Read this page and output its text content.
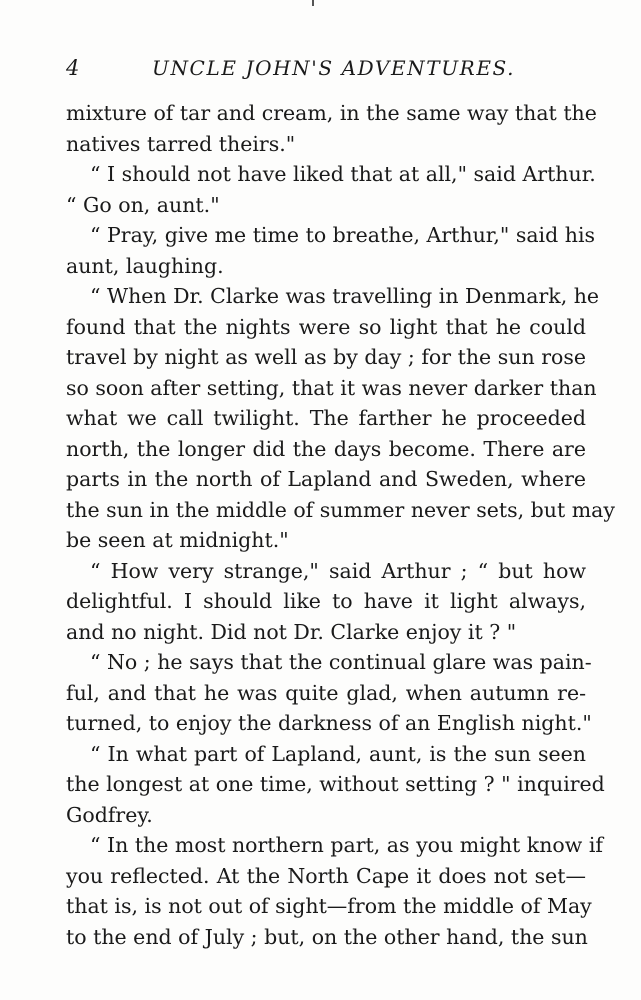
4	UNCLE JOHN'S ADVENTURES.
mixture of tar and cream, in the same way that the
natives tarred theirs."
“ I should not have liked that at all," said Arthur.
“ Go on, aunt."
“ Pray, give me time to breathe, Arthur," said his
aunt, laughing.
“ When Dr. Clarke was travelling in Denmark, he
found that the nights were so light that he could
travel by night as well as by day ; for the sun rose
so soon after setting, that it was never darker than
what we call twilight. The farther he proceeded
north, the longer did the days become. There are
parts in the north of Lapland and Sweden, where
the sun in the middle of summer never sets, but may
be seen at midnight."
“ How very strange," said Arthur ; “ but how
delightful. I should like to have it light always,
and no night. Did not Dr. Clarke enjoy it ? "
“ No ; he says that the continual glare was pain-
ful, and that he was quite glad, when autumn re-
turned, to enjoy the darkness of an English night."
“ In what part of Lapland, aunt, is the sun seen
the longest at one time, without setting ? " inquired
Godfrey.
“ In the most northern part, as you might know if
you reflected. At the North Cape it does not set—
that is, is not out of sight—from the middle of May
to the end of July ; but, on the other hand, the sun
